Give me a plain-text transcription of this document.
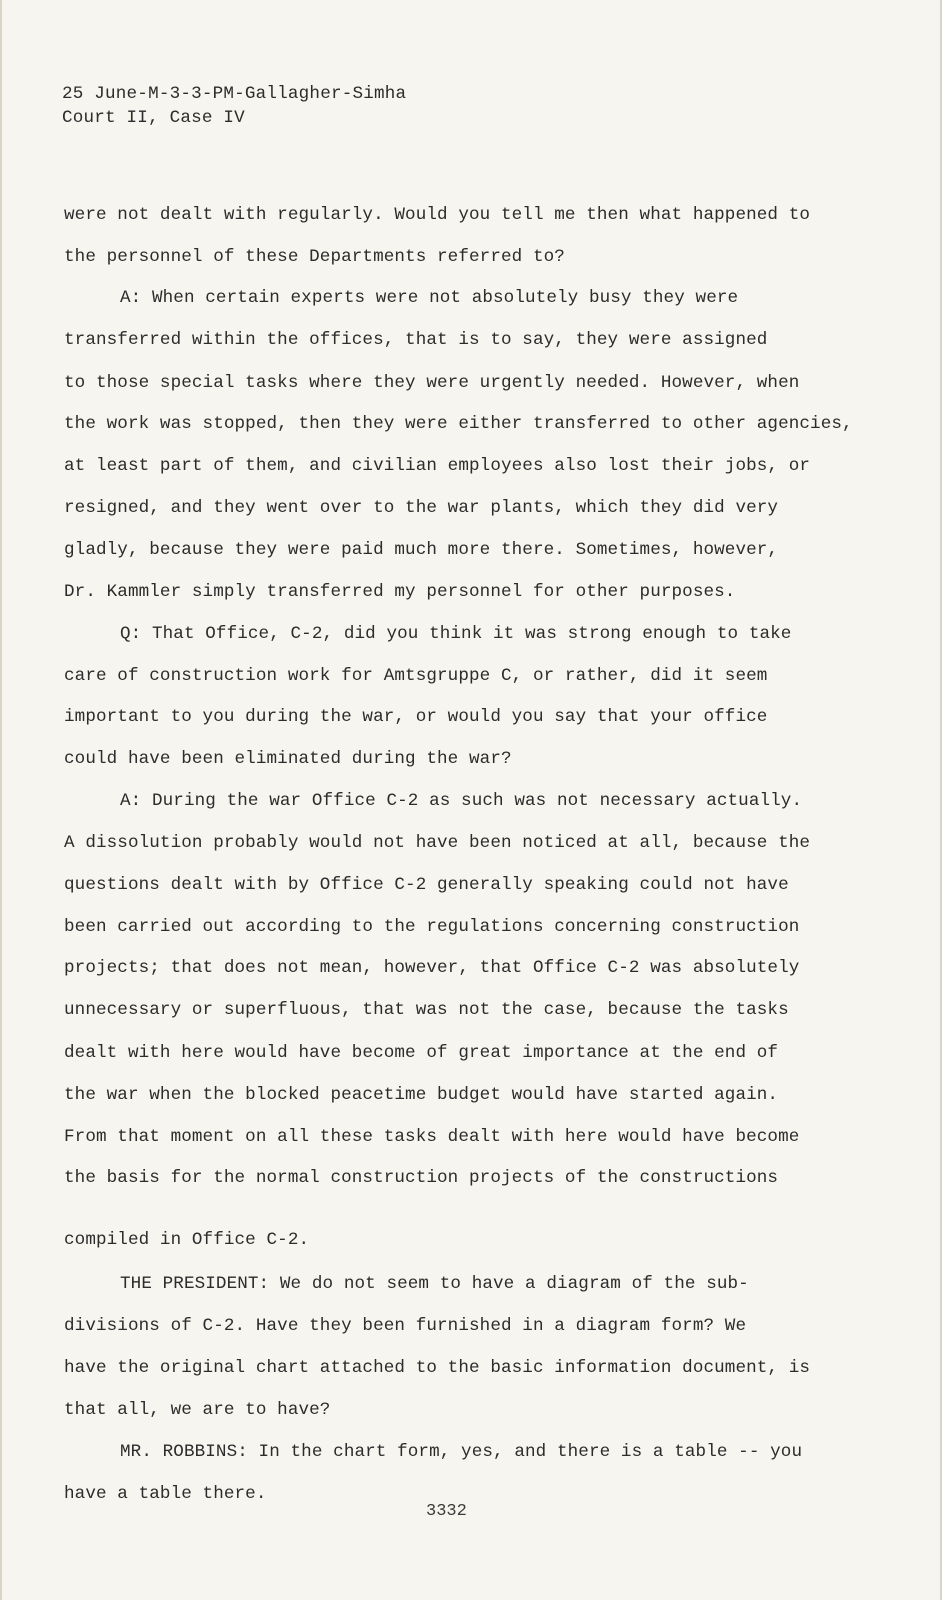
25 June-M-3-3-PM-Gallagher-Simha
Court II, Case IV
were not dealt with regularly. Would you tell me then what happened to
the personnel of these Departments referred to?
A: When certain experts were not absolutely busy they were
transferred within the offices, that is to say, they were assigned
to those special tasks where they were urgently needed. However, when
the work was stopped, then they were either transferred to other agencies,
at least part of them, and civilian employees also lost their jobs, or
resigned, and they went over to the war plants, which they did very
gladly, because they were paid much more there. Sometimes, however,
Dr. Kammler simply transferred my personnel for other purposes.
Q: That Office, C-2, did you think it was strong enough to take
care of construction work for Amtsgruppe C, or rather, did it seem
important to you during the war, or would you say that your office
could have been eliminated during the war?
A: During the war Office C-2 as such was not necessary actually.
A dissolution probably would not have been noticed at all, because the
questions dealt with by Office C-2 generally speaking could not have
been carried out according to the regulations concerning construction
projects; that does not mean, however, that Office C-2 was absolutely
unnecessary or superfluous, that was not the case, because the tasks
dealt with here would have become of great importance at the end of
the war when the blocked peacetime budget would have started again.
From that moment on all these tasks dealt with here would have become
the basis for the normal construction projects of the constructions
compiled in Office C-2.
THE PRESIDENT: We do not seem to have a diagram of the sub-
divisions of C-2. Have they been furnished in a diagram form? We
have the original chart attached to the basic information document, is
that all, we are to have?
MR. ROBBINS: In the chart form, yes, and there is a table -- you
have a table there.
3332
